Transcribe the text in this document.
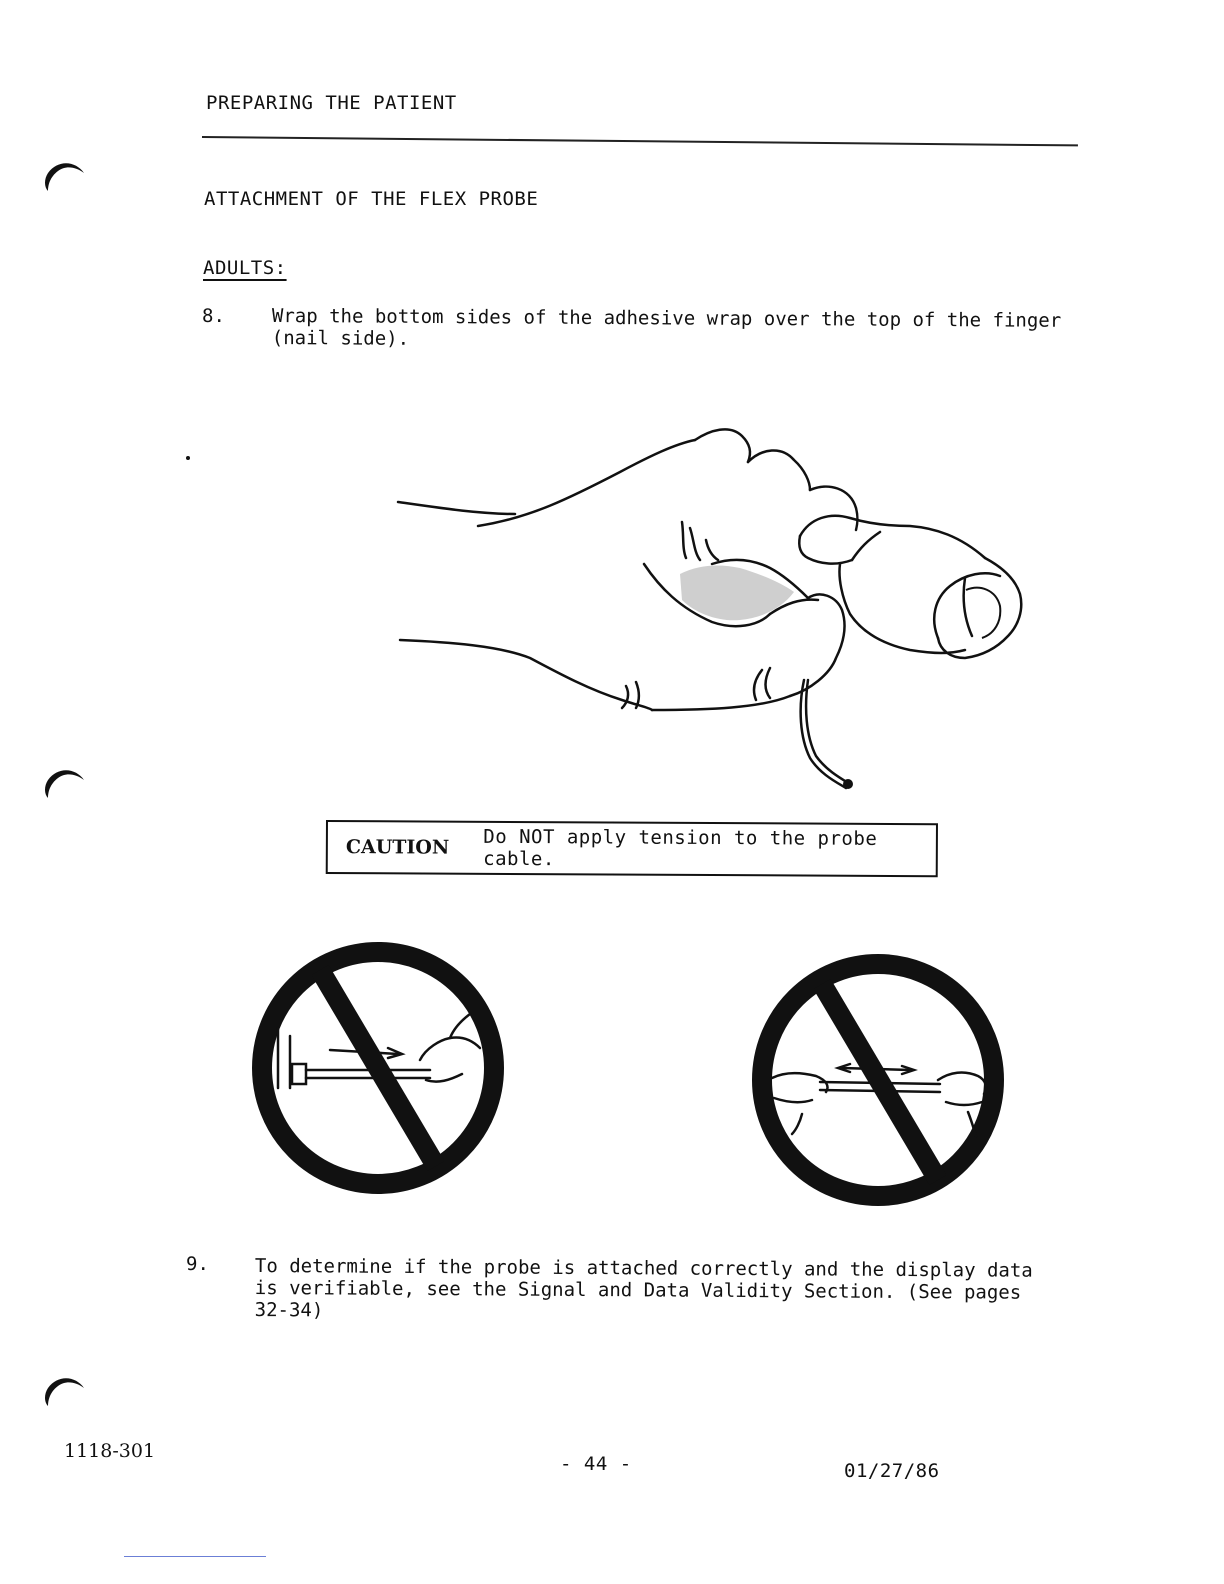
PREPARING THE PATIENT
ATTACHMENT OF THE FLEX PROBE
ADULTS:
8. Wrap the bottom sides of the adhesive wrap over the top of the finger (nail side).
CAUTION Do NOT apply tension to the probe cable.
9. To determine if the probe is attached correctly and the display data is verifiable, see the Signal and Data Validity Section. (See pages 32-34)
1118-301
- 44 -	01/27/86
